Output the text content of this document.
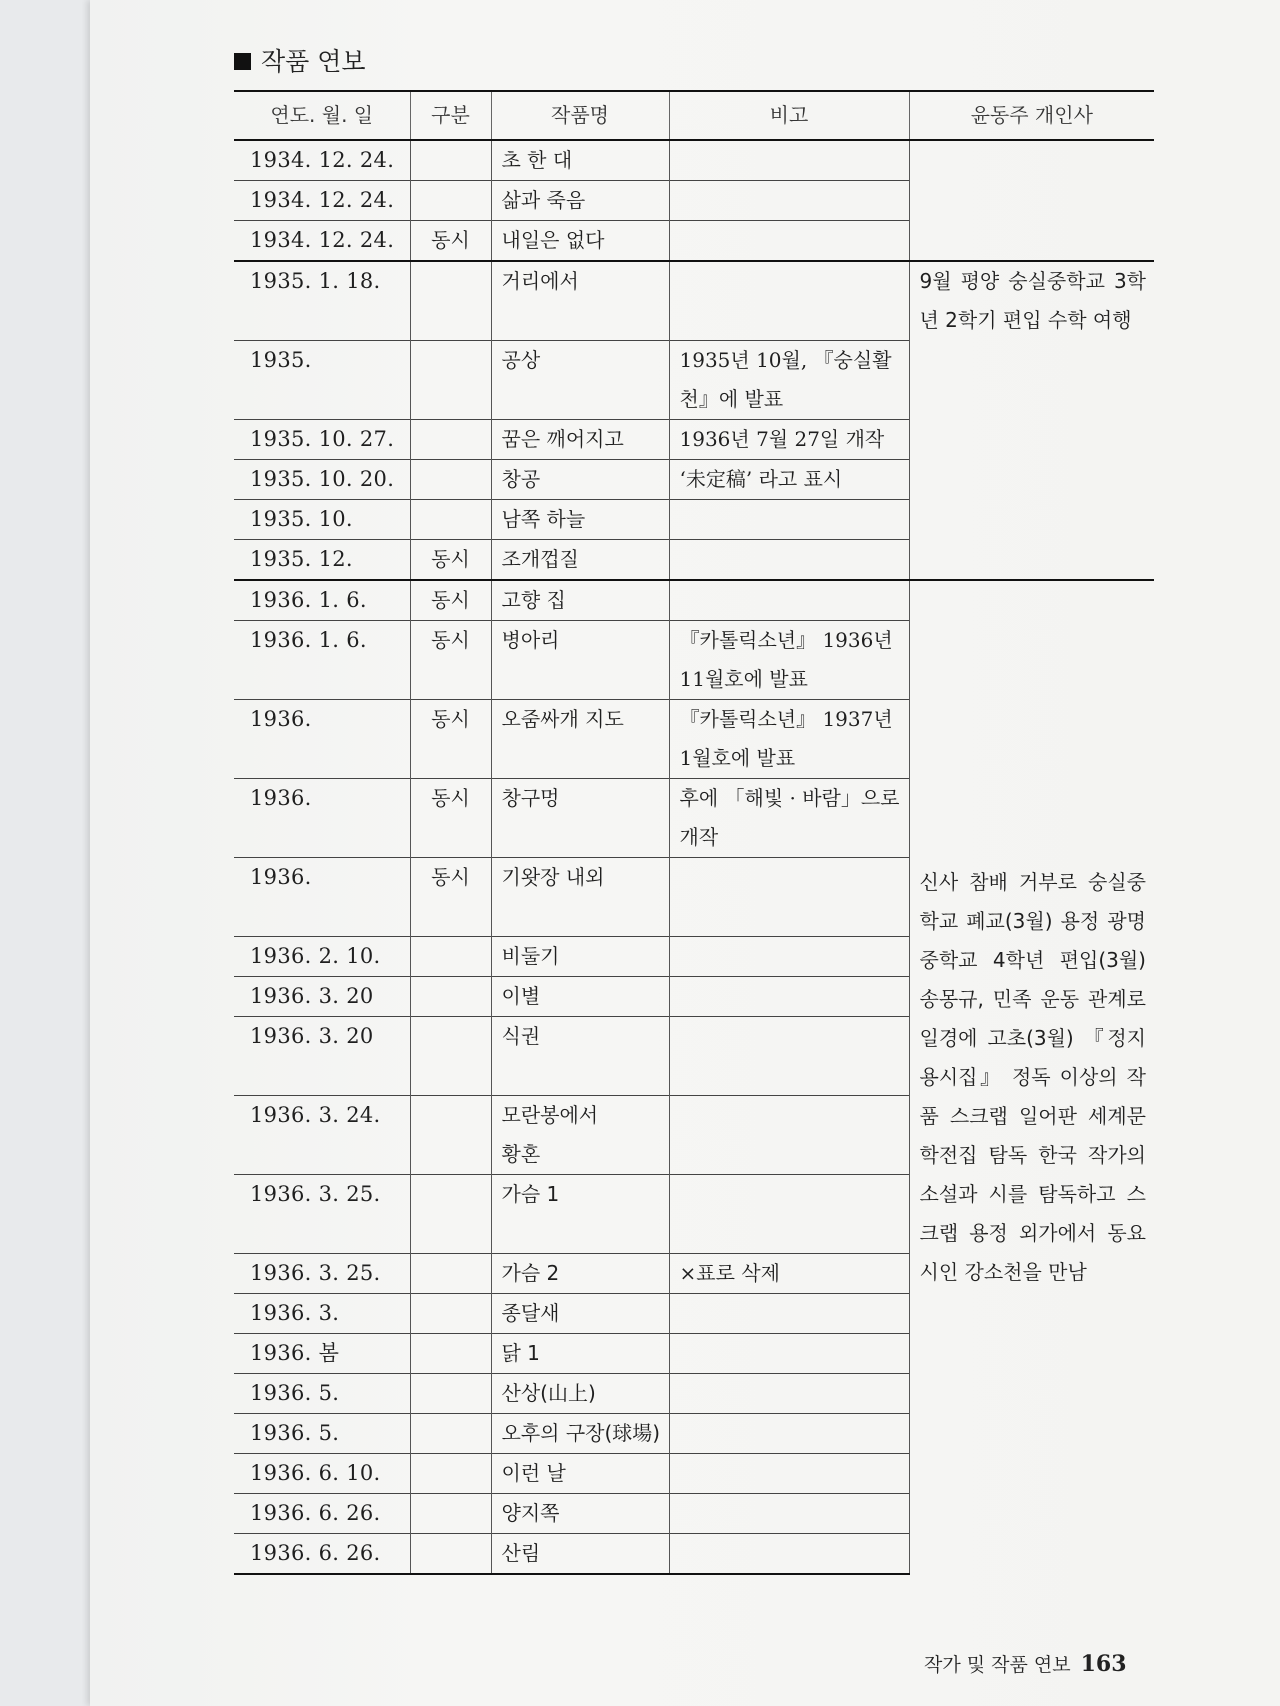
작품 연보
연도. 월. 일	구분	작품명	비고	윤동주 개인사
1934. 12. 24.		초 한 대		
1934. 12. 24.		삶과 죽음		
1934. 12. 24.	동시	내일은 없다		
1935. 1. 18.		거리에서		9월 평양 숭실중학교 3학년 2학기 편입 수학 여행
1935.		공상	1935년 10월, 『숭실활천』에 발표	
1935. 10. 27.		꿈은 깨어지고	1936년 7월 27일 개작	
1935. 10. 20.		창공	‘未定稿’ 라고 표시	
1935. 10.		남쪽 하늘		
1935. 12.	동시	조개껍질		
1936. 1. 6.	동시	고향 집		신사 참배 거부로 숭실중학교 폐교(3월) 용정 광명중학교 4학년 편입(3월) 송몽규, 민족 운동 관계로 일경에 고초(3월) 『정지용시집』 정독 이상의 작품 스크랩 일어판 세계문학전집 탐독 한국 작가의 소설과 시를 탐독하고 스크랩 용정 외가에서 동요 시인 강소천을 만남
1936. 1. 6.	동시	병아리	『카톨릭소년』 1936년 11월호에 발표	
1936.	동시	오줌싸개 지도	『카톨릭소년』 1937년 1월호에 발표	
1936.	동시	창구멍	후에 「해빛 · 바람」으로 개작	
1936.	동시	기왓장 내외		
1936. 2. 10.		비둘기		
1936. 3. 20		이별		
1936. 3. 20		식권		
1936. 3. 24.		모란봉에서
황혼		
1936. 3. 25.		가슴 1		
1936. 3. 25.		가슴 2	×표로 삭제	
1936. 3.		종달새		
1936. 봄		닭 1		
1936. 5.		산상(山上)		
1936. 5.		오후의 구장(球場)		
1936. 6. 10.		이런 날		
1936. 6. 26.		양지쪽		
1936. 6. 26.		산림		
작가 및 작품 연보 163
